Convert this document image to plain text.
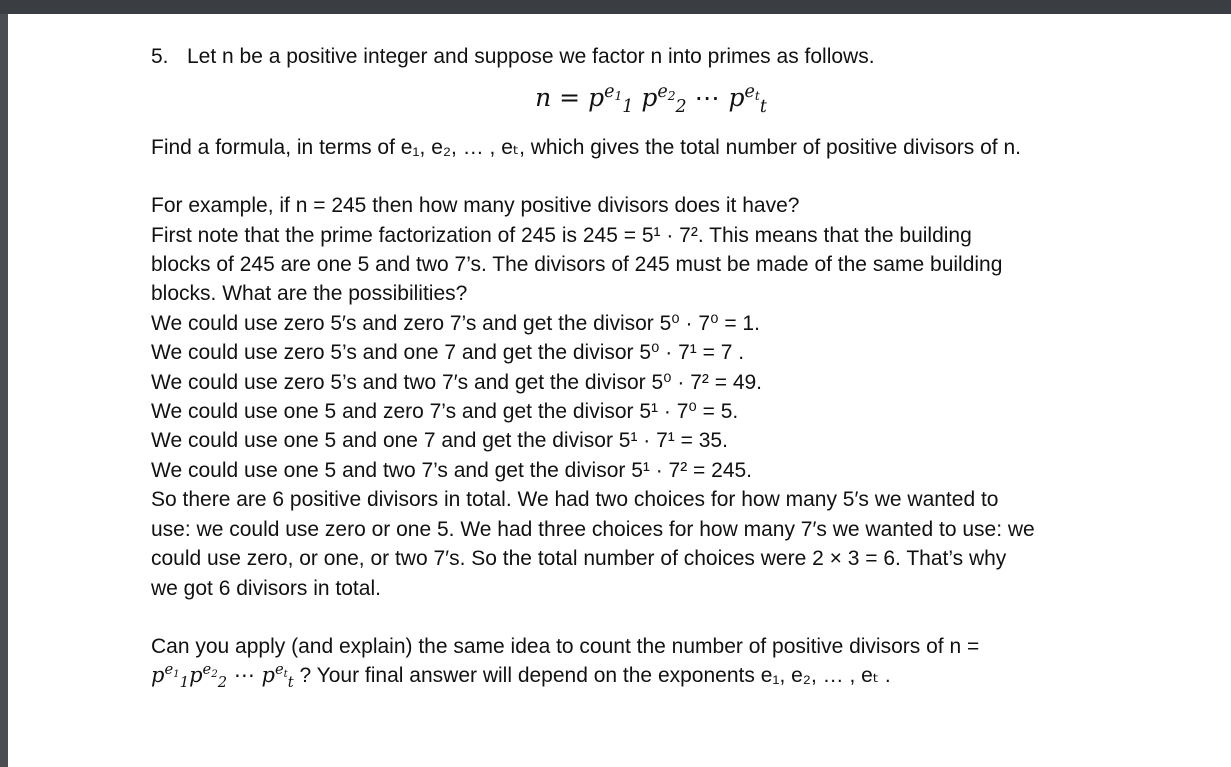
5. Let n be a positive integer and suppose we factor n into primes as follows.
$n = p^{e_1}_1$ $p^{e_2}_2$ ⋯ $p^{e_t}_t$
Find a formula, in terms of e₁, e₂, … , eₜ, which gives the total number of positive divisors of n.
For example, if n = 245 then how many positive divisors does it have?
First note that the prime factorization of 245 is 245 = 5¹ · 7². This means that the building
blocks of 245 are one 5 and two 7’s. The divisors of 245 must be made of the same building
blocks. What are the possibilities?
We could use zero 5′s and zero 7’s and get the divisor 5⁰ · 7⁰ = 1.
We could use zero 5’s and one 7 and get the divisor 5⁰ · 7¹ = 7 .
We could use zero 5’s and two 7′s and get the divisor 5⁰ · 7² = 49.
We could use one 5 and zero 7’s and get the divisor 5¹ · 7⁰ = 5.
We could use one 5 and one 7 and get the divisor 5¹ · 7¹ = 35.
We could use one 5 and two 7’s and get the divisor 5¹ · 7² = 245.
So there are 6 positive divisors in total. We had two choices for how many 5′s we wanted to
use: we could use zero or one 5. We had three choices for how many 7′s we wanted to use: we
could use zero, or one, or two 7′s. So the total number of choices were 2 × 3 = 6. That’s why
we got 6 divisors in total.
Can you apply (and explain) the same idea to count the number of positive divisors of n =
$p^{e_1}_1p^{e_2}_2$ ⋯ $p^{e_t}_t$ ? Your final answer will depend on the exponents e₁, e₂, … , eₜ .
